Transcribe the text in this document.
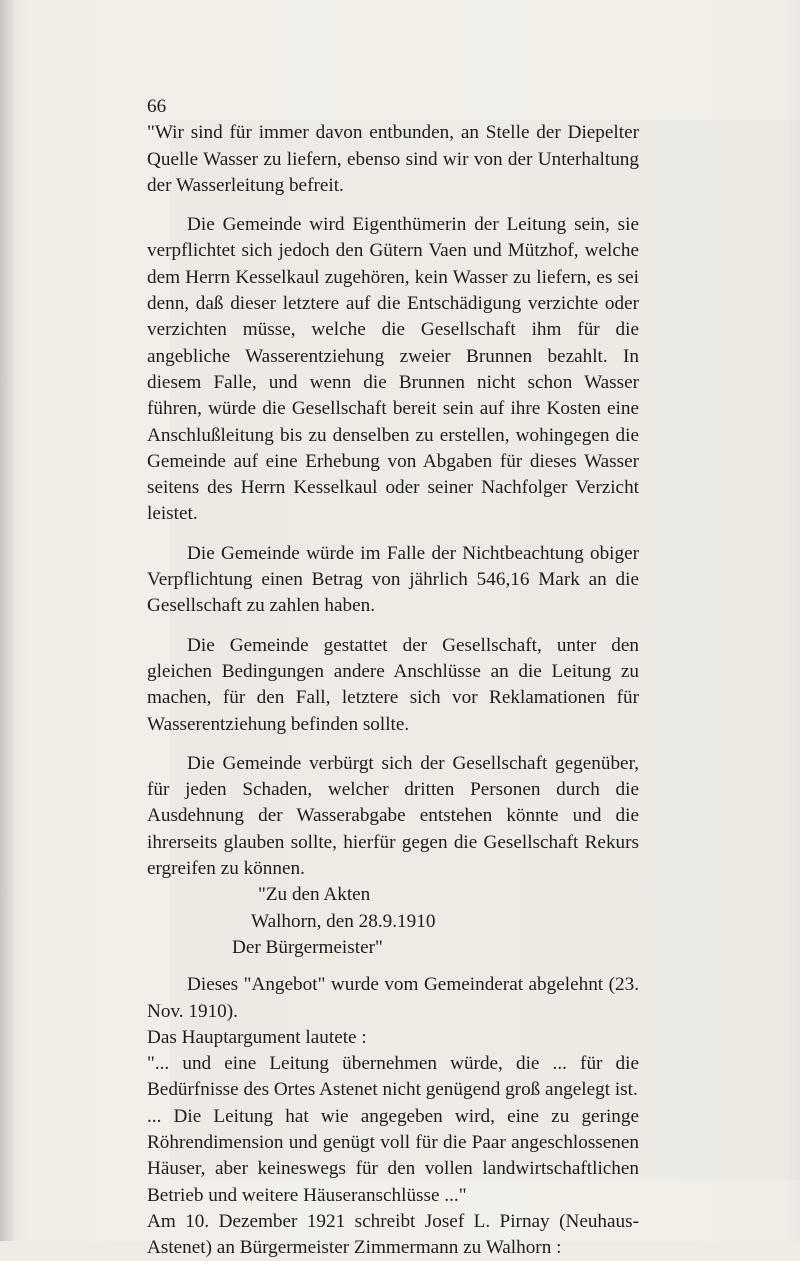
66

"Wir sind für immer davon entbunden, an Stelle der Diepelter Quelle Wasser zu liefern, ebenso sind wir von der Unterhaltung der Wasserleitung befreit.

Die Gemeinde wird Eigenthümerin der Leitung sein, sie verpflichtet sich jedoch den Gütern Vaen und Mützhof, welche dem Herrn Kesselkaul zugehören, kein Wasser zu liefern, es sei denn, daß dieser letztere auf die Entschädigung verzichte oder verzichten müsse, welche die Gesellschaft ihm für die angebliche Wasserentziehung zweier Brunnen bezahlt. In diesem Falle, und wenn die Brunnen nicht schon Wasser führen, würde die Gesellschaft bereit sein auf ihre Kosten eine Anschlußleitung bis zu denselben zu erstellen, wohingegen die Gemeinde auf eine Erhebung von Abgaben für dieses Wasser seitens des Herrn Kesselkaul oder seiner Nachfolger Verzicht leistet.

Die Gemeinde würde im Falle der Nichtbeachtung obiger Verpflichtung einen Betrag von jährlich 546,16 Mark an die Gesellschaft zu zahlen haben.

Die Gemeinde gestattet der Gesellschaft, unter den gleichen Bedingungen andere Anschlüsse an die Leitung zu machen, für den Fall, letztere sich vor Reklamationen für Wasserentziehung befinden sollte.

Die Gemeinde verbürgt sich der Gesellschaft gegenüber, für jeden Schaden, welcher dritten Personen durch die Ausdehnung der Wasserabgabe entstehen könnte und die ihrerseits glauben sollte, hierfür gegen die Gesellschaft Rekurs ergreifen zu können.

"Zu den Akten

Walhorn, den 28.9.1910

Der Bürgermeister"

Dieses "Angebot" wurde vom Gemeinderat abgelehnt (23. Nov. 1910).

Das Hauptargument lautete :

"... und eine Leitung übernehmen würde, die ... für die Bedürfnisse des Ortes Astenet nicht genügend groß angelegt ist.

... Die Leitung hat wie angegeben wird, eine zu geringe Röhrendimension und genügt voll für die Paar angeschlossenen Häuser, aber keineswegs für den vollen landwirtschaftlichen Betrieb und weitere Häuseranschlüsse ..."

Am 10. Dezember 1921 schreibt Josef L. Pirnay (Neuhaus-Astenet) an Bürgermeister Zimmermann zu Walhorn :
